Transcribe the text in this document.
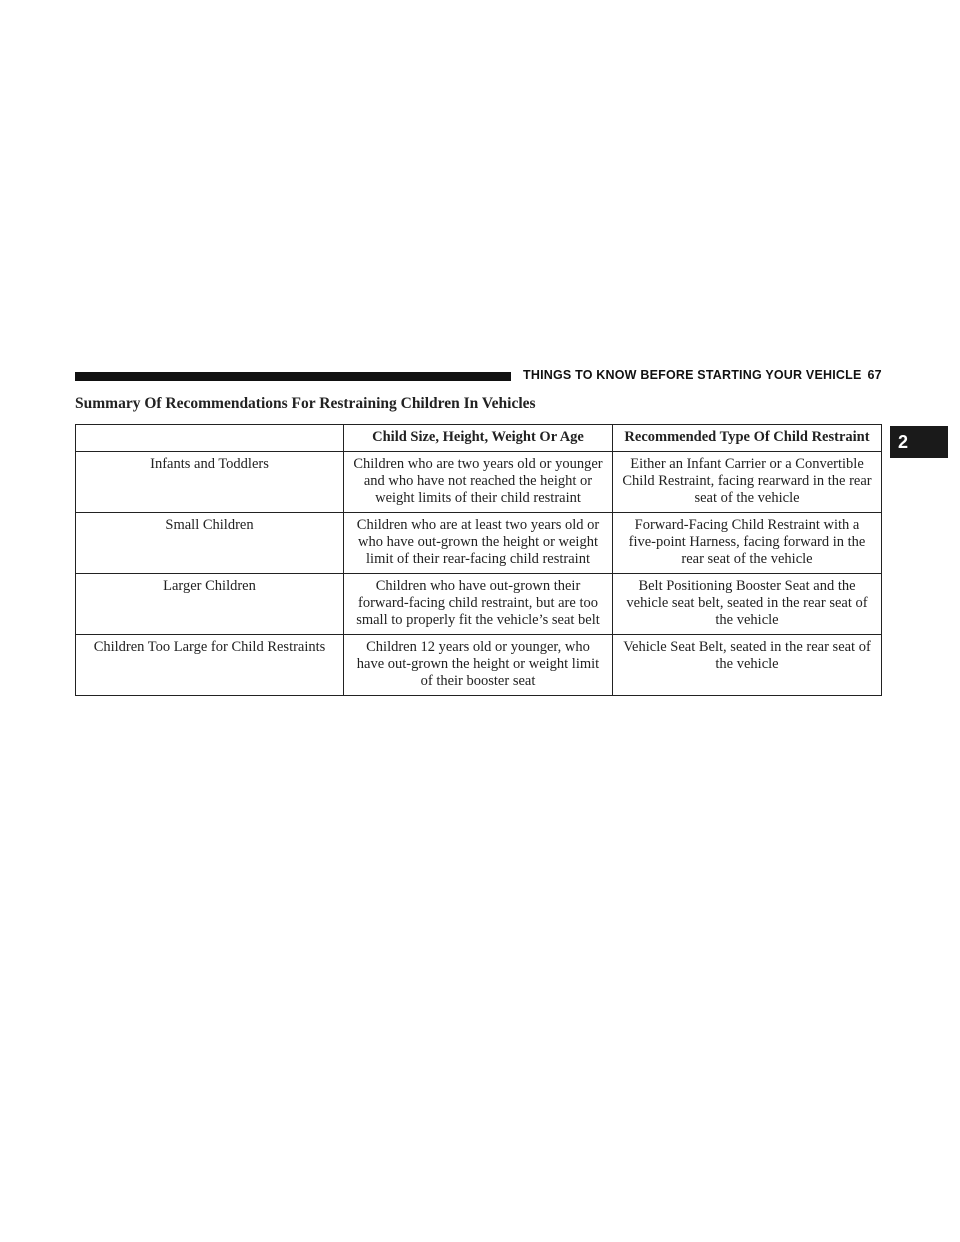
THINGS TO KNOW BEFORE STARTING YOUR VEHICLE 67
2
Summary Of Recommendations For Restraining Children In Vehicles
	Child Size, Height, Weight Or Age	Recommended Type Of Child Restraint
Infants and Toddlers	Children who are two years old or younger and who have not reached the height or weight limits of their child restraint	Either an Infant Carrier or a Convertible Child Restraint, facing rearward in the rear seat of the vehicle
Small Children	Children who are at least two years old or who have out-grown the height or weight limit of their rear-facing child restraint	Forward-Facing Child Restraint with a five-point Harness, facing forward in the rear seat of the vehicle
Larger Children	Children who have out-grown their forward-facing child restraint, but are too small to properly fit the vehicle’s seat belt	Belt Positioning Booster Seat and the vehicle seat belt, seated in the rear seat of the vehicle
Children Too Large for Child Restraints	Children 12 years old or younger, who have out-grown the height or weight limit of their booster seat	Vehicle Seat Belt, seated in the rear seat of the vehicle
